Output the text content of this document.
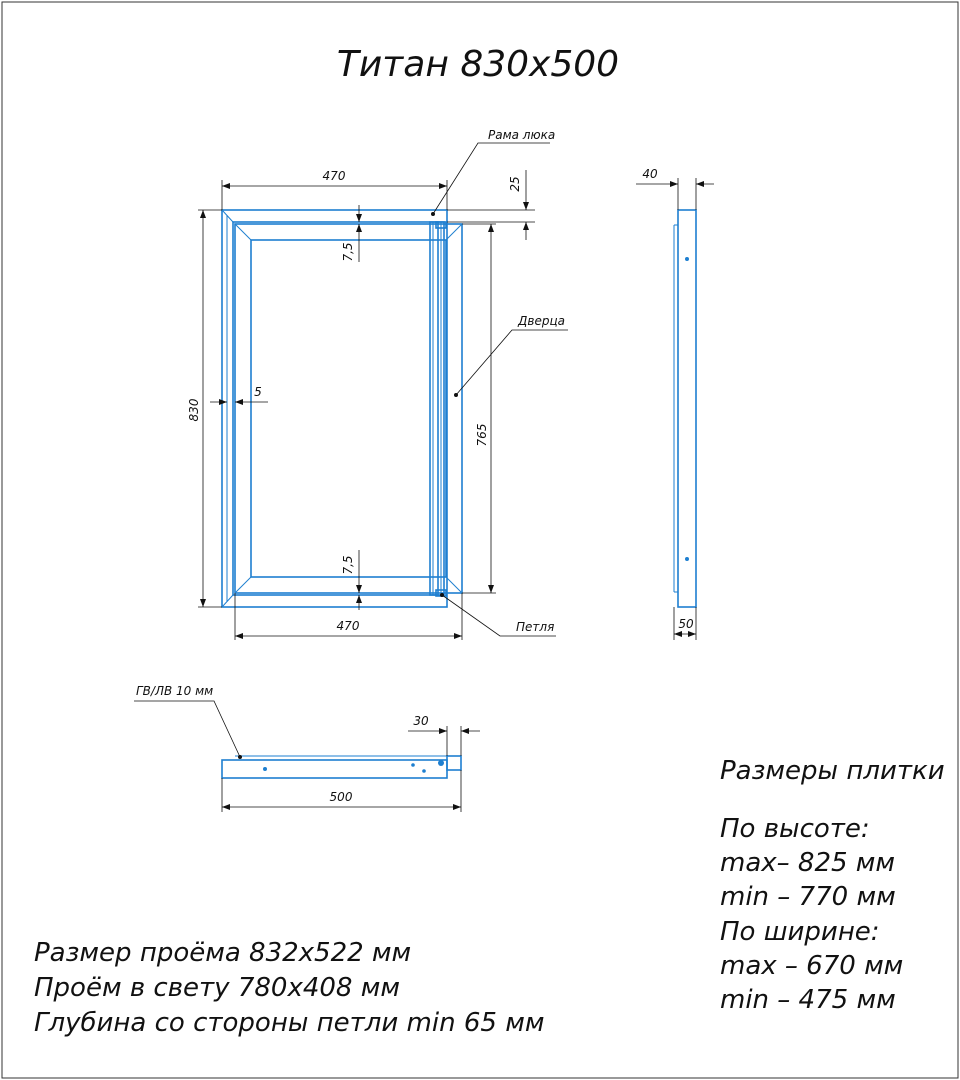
Титан 830x500
470
470
830
765
25
7,5
7,5
5
Рама люка
Дверца
Петля
40
50
ГВ/ЛВ 10 мм
30
500
Размеры плитки
По высоте:
max– 825 мм
min – 770 мм
По ширине:
max – 670 мм
min – 475 мм
Размер проёма 832x522 мм
Проём в свету 780x408 мм
Глубина со стороны петли min 65 мм
